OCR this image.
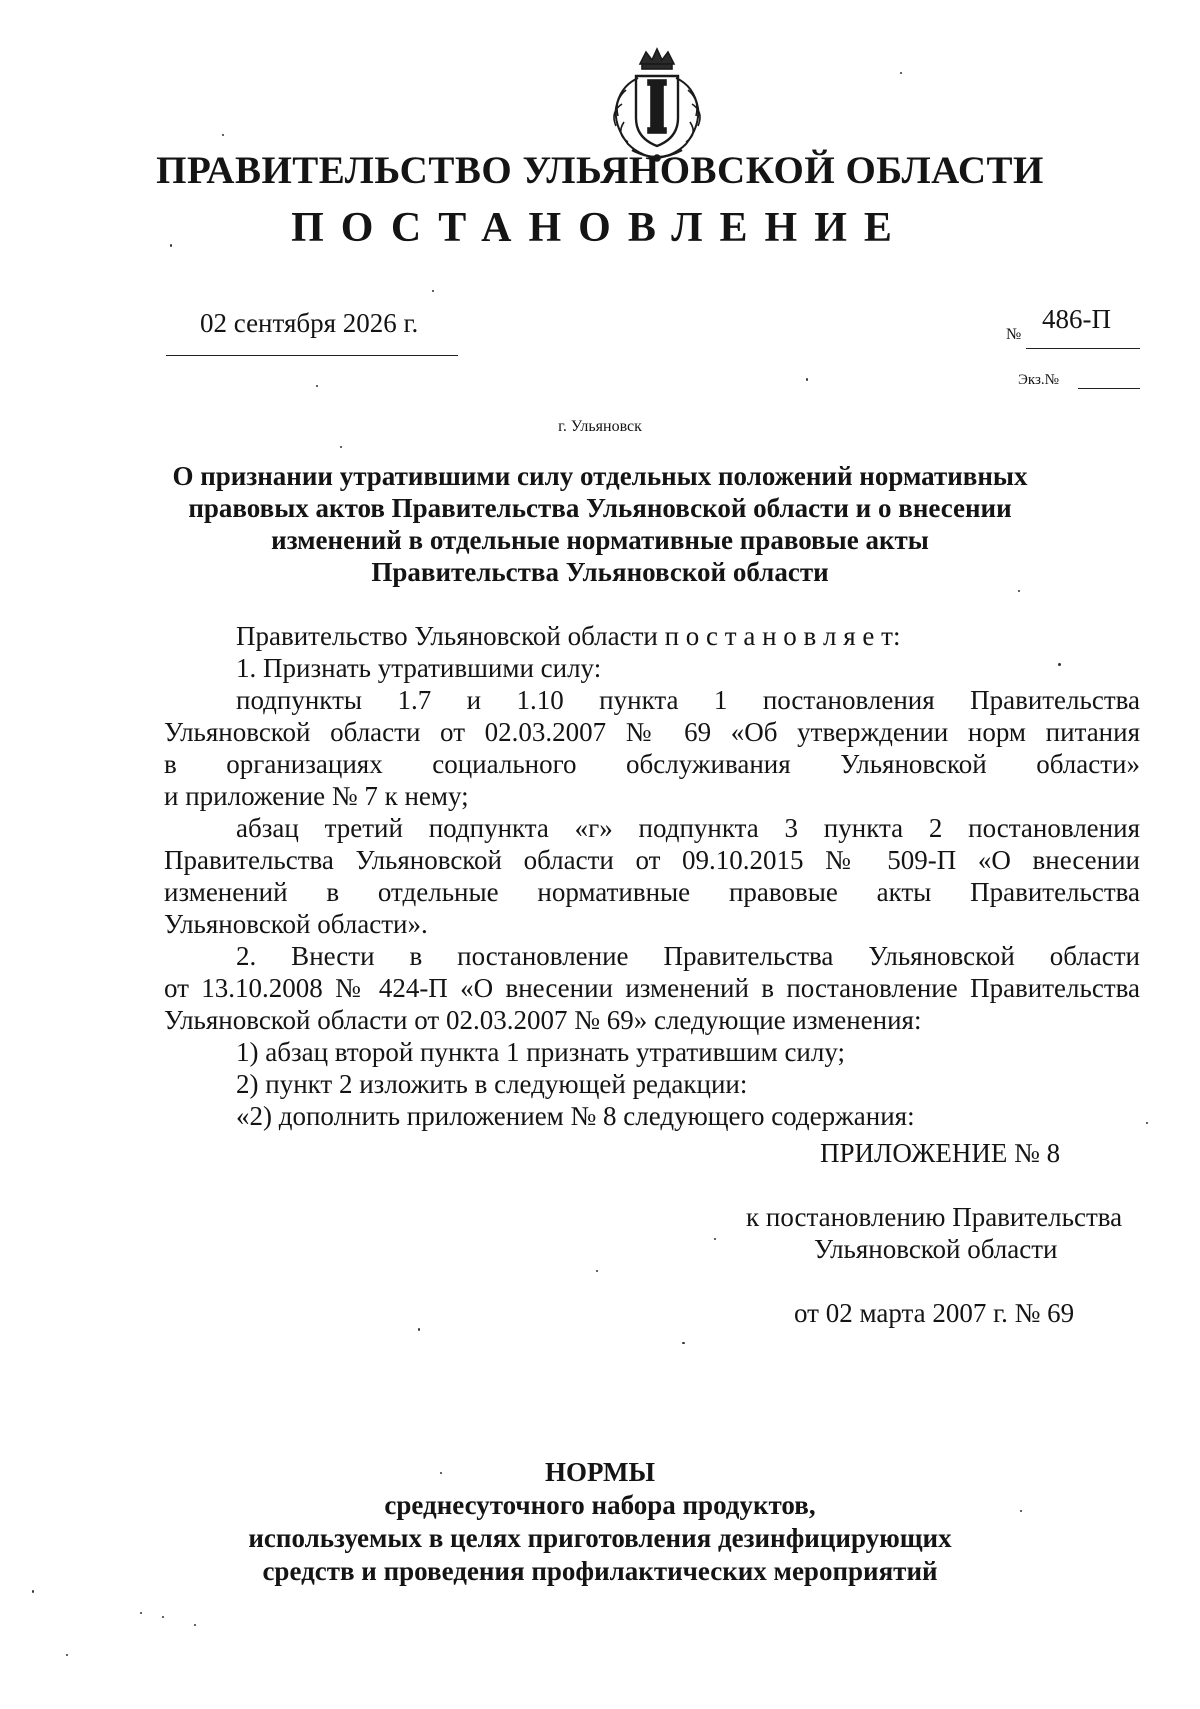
ПРАВИТЕЛЬСТВО УЛЬЯНОВСКОЙ ОБЛАСТИ
ПОСТАНОВЛЕНИЕ
02 сентября 2026 г.	№
486-П
Экз.№
г. Ульяновск
О признании утратившими силу отдельных положений нормативных
правовых актов Правительства Ульяновской области и о внесении
изменений в отдельные нормативные правовые акты
Правительства Ульяновской области
Правительство Ульяновской области п о с т а н о в л я е т:
1. Признать утратившими силу:
подпункты 1.7 и 1.10 пункта 1 постановления Правительства
Ульяновской области от 02.03.2007 № 69 «Об утверждении норм питания
в организациях социального обслуживания Ульяновской области»
и приложение № 7 к нему;
абзац третий подпункта «г» подпункта 3 пункта 2 постановления
Правительства Ульяновской области от 09.10.2015 № 509-П «О внесении
изменений в отдельные нормативные правовые акты Правительства
Ульяновской области».
2. Внести в постановление Правительства Ульяновской области
от 13.10.2008 № 424-П «О внесении изменений в постановление Правительства
Ульяновской области от 02.03.2007 № 69» следующие изменения:
1) абзац второй пункта 1 признать утратившим силу;
2) пункт 2 изложить в следующей редакции:
«2) дополнить приложением № 8 следующего содержания:
ПРИЛОЖЕНИЕ № 8
к постановлению Правительства
Ульяновской области
от 02 марта 2007 г. № 69
НОРМЫ
среднесуточного набора продуктов,
используемых в целях приготовления дезинфицирующих
средств и проведения профилактических мероприятий
